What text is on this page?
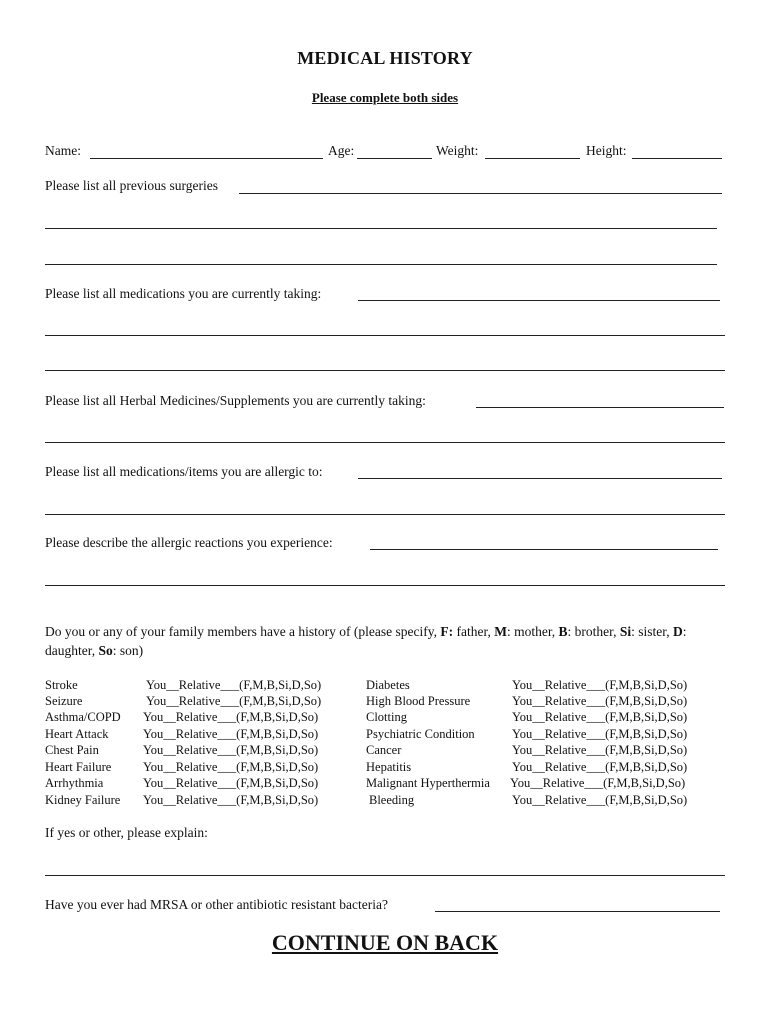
MEDICAL HISTORY
Please complete both sides
Name:	Age:	Weight:	Height:
Please list all previous surgeries
Please list all medications you are currently taking:
Please list all Herbal Medicines/Supplements you are currently taking:
Please list all medications/items you are allergic to:
Please describe the allergic reactions you experience:
Do you or any of your family members have a history of (please specify, F: father, M: mother, B: brother, Si: sister, D: daughter, So: son)
Stroke	You__Relative___(F,M,B,Si,D,So)
Seizure	You__Relative___(F,M,B,Si,D,So)
Asthma/COPD You__Relative___(F,M,B,Si,D,So)
Heart Attack	You__Relative___(F,M,B,Si,D,So)
Chest Pain	You__Relative___(F,M,B,Si,D,So)
Heart Failure	You__Relative___(F,M,B,Si,D,So)
Arrhythmia	You__Relative___(F,M,B,Si,D,So)
Kidney Failure You__Relative___(F,M,B,Si,D,So)
Diabetes	You__Relative___(F,M,B,Si,D,So)
High Blood Pressure	You__Relative___(F,M,B,Si,D,So)
Clotting	You__Relative___(F,M,B,Si,D,So)
Psychiatric Condition	You__Relative___(F,M,B,Si,D,So)
Cancer	You__Relative___(F,M,B,Si,D,So)
Hepatitis	You__Relative___(F,M,B,Si,D,So)
Malignant Hyperthermia You__Relative___(F,M,B,Si,D,So)
Bleeding	You__Relative___(F,M,B,Si,D,So)
If yes or other, please explain:
Have you ever had MRSA or other antibiotic resistant bacteria?
CONTINUE ON BACK
